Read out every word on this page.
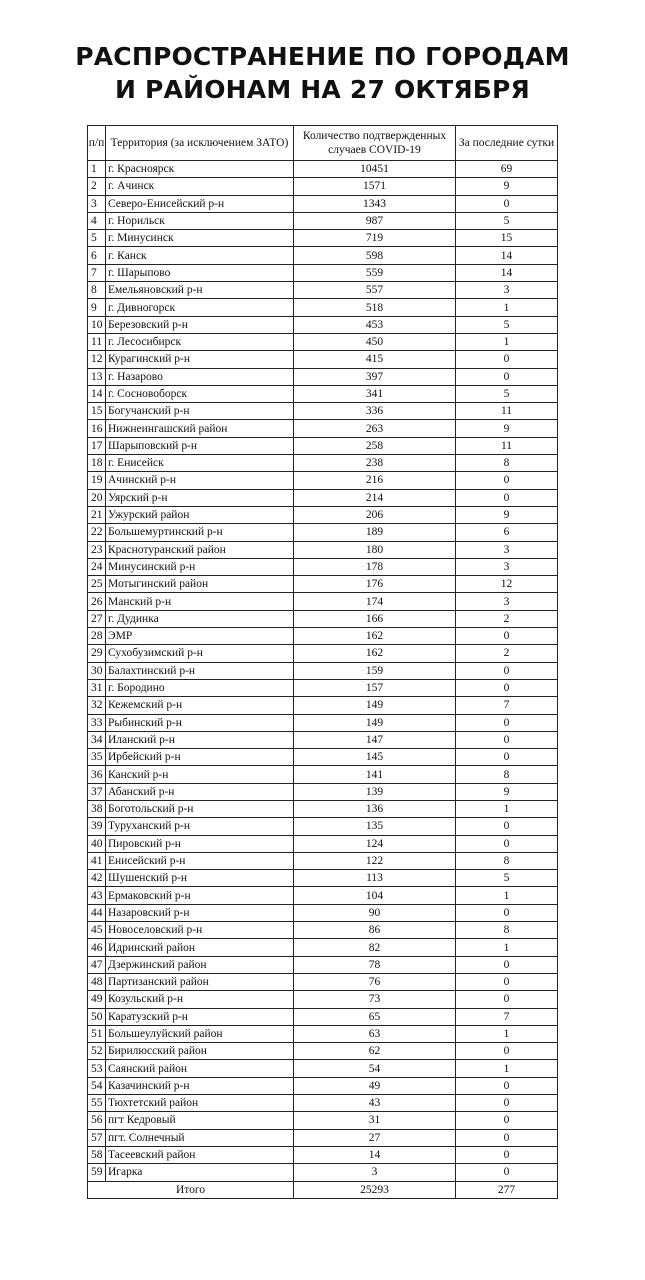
РАСПРОСТРАНЕНИЕ ПО ГОРОДАМ
И РАЙОНАМ НА 27 ОКТЯБРЯ
п/п	Территория (за исключением ЗАТО)	Количество подтвержденных случаев COVID-19	За последние сутки
1	г. Красноярск	10451	69
2	г. Ачинск	1571	9
3	Северо-Енисейский р-н	1343	0
4	г. Норильск	987	5
5	г. Минусинск	719	15
6	г. Канск	598	14
7	г. Шарыпово	559	14
8	Емельяновский р-н	557	3
9	г. Дивногорск	518	1
10	Березовский р-н	453	5
11	г. Лесосибирск	450	1
12	Курагинский р-н	415	0
13	г. Назарово	397	0
14	г. Сосновоборск	341	5
15	Богучанский р-н	336	11
16	Нижнеингашский район	263	9
17	Шарыповский р-н	258	11
18	г. Енисейск	238	8
19	Ачинский р-н	216	0
20	Уярский р-н	214	0
21	Ужурский район	206	9
22	Большемуртинский р-н	189	6
23	Краснотуранский район	180	3
24	Минусинский р-н	178	3
25	Мотыгинский район	176	12
26	Манский р-н	174	3
27	г. Дудинка	166	2
28	ЭМР	162	0
29	Сухобузимский р-н	162	2
30	Балахтинский р-н	159	0
31	г. Бородино	157	0
32	Кежемский р-н	149	7
33	Рыбинский р-н	149	0
34	Иланский р-н	147	0
35	Ирбейский р-н	145	0
36	Канский р-н	141	8
37	Абанский р-н	139	9
38	Боготольский р-н	136	1
39	Туруханский р-н	135	0
40	Пировский р-н	124	0
41	Енисейский р-н	122	8
42	Шушенский р-н	113	5
43	Ермаковский р-н	104	1
44	Назаровский р-н	90	0
45	Новоселовский р-н	86	8
46	Идринский район	82	1
47	Дзержинский район	78	0
48	Партизанский район	76	0
49	Козульский р-н	73	0
50	Каратузский р-н	65	7
51	Большеулуйский район	63	1
52	Бирилюсский район	62	0
53	Саянский район	54	1
54	Казачинский р-н	49	0
55	Тюхтетский район	43	0
56	пгт Кедровый	31	0
57	пгт. Солнечный	27	0
58	Тасеевский район	14	0
59	Игарка	3	0
Итого		25293	277
